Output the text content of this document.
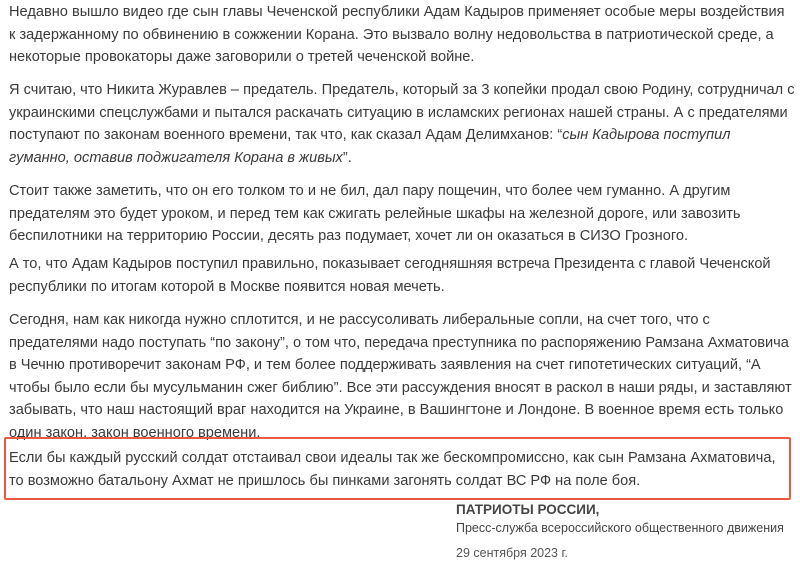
Недавно вышло видео где сын главы Чеченской республики Адам Кадыров применяет особые меры воздействия
к задержанному по обвинению в сожжении Корана. Это вызвало волну недовольства в патриотической среде, а
некоторые провокаторы даже заговорили о третей чеченской войне.

Я считаю, что Никита Журавлев – предатель. Предатель, который за 3 копейки продал свою Родину, сотрудничал с
украинскими спецслужбами и пытался раскачать ситуацию в исламских регионах нашей страны. А с предателями
поступают по законам военного времени, так что, как сказал Адам Делимханов: “сын Кадырова поступил
гуманно, оставив поджигателя Корана в живых”.

Стоит также заметить, что он его толком то и не бил, дал пару пощечин, что более чем гуманно. А другим
предателям это будет уроком, и перед тем как сжигать релейные шкафы на железной дороге, или завозить
беспилотники на территорию России, десять раз подумает, хочет ли он оказаться в СИЗО Грозного.

А то, что Адам Кадыров поступил правильно, показывает сегодняшняя встреча Президента с главой Чеченской
республики по итогам которой в Москве появится новая мечеть.

Сегодня, нам как никогда нужно сплотится, и не рассусоливать либеральные сопли, на счет того, что с
предателями надо поступать “по закону”, о том что, передача преступника по распоряжению Рамзана Ахматовича
в Чечню противоречит законам РФ, и тем более поддерживать заявления на счет гипотетических ситуаций, “А
чтобы было если бы мусульманин сжег библию”. Все эти рассуждения вносят в раскол в наши ряды, и заставляют
забывать, что наш настоящий враг находится на Украине, в Вашингтоне и Лондоне. В военное время есть только
один закон, закон военного времени.

Если бы каждый русский солдат отстаивал свои идеалы так же бескомпромиссно, как сын Рамзана Ахматовича,
то возможно батальону Ахмат не пришлось бы пинками загонять солдат ВС РФ на поле боя.

ПАТРИОТЫ РОССИИ,

Пресс-служба всероссийского общественного движения

29 сентября 2023 г.
